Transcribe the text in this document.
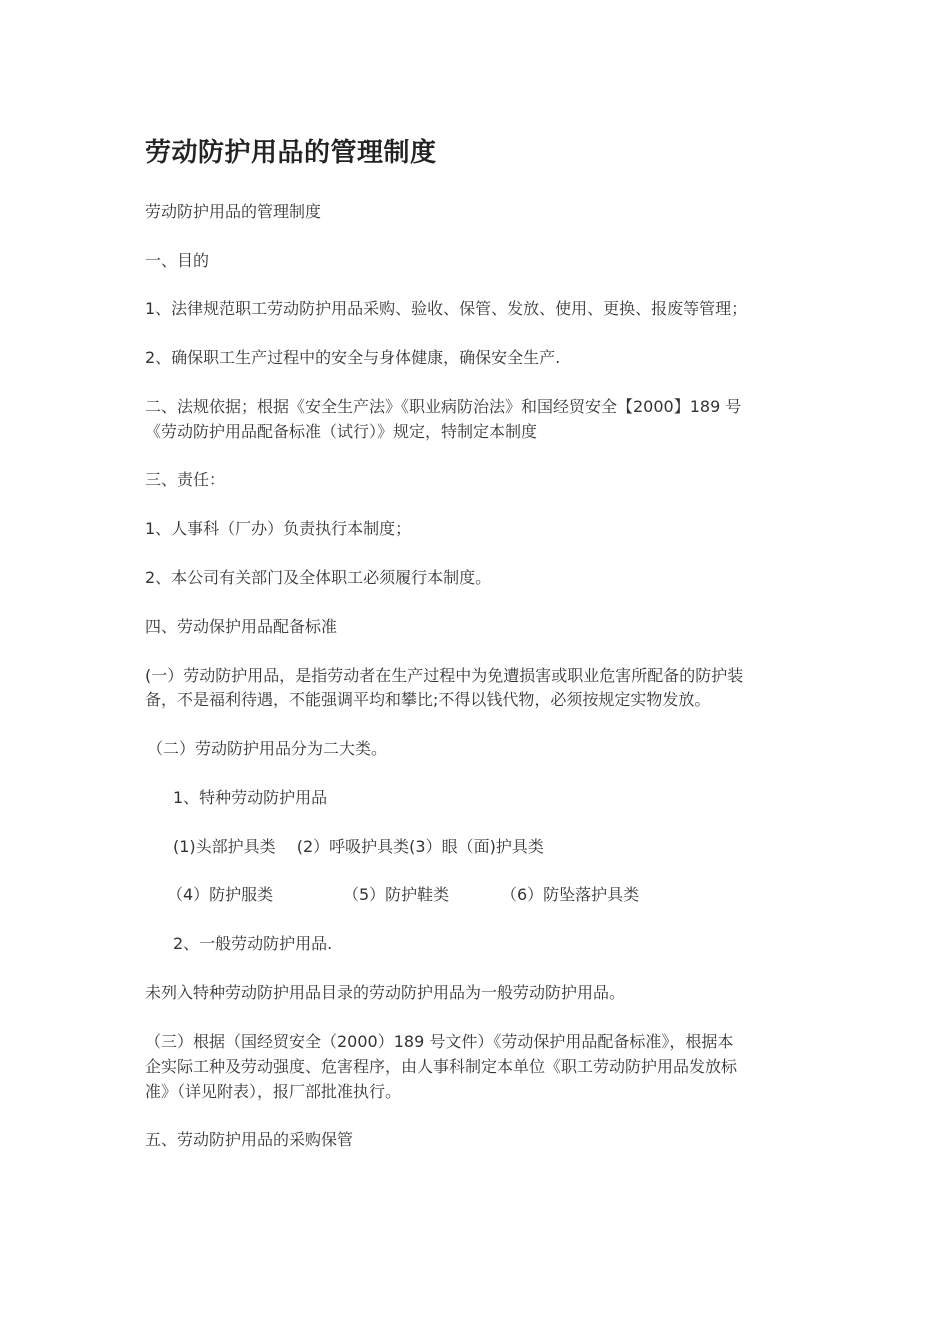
劳动防护用品的管理制度

劳动防护用品的管理制度

一、目的

1、法律规范职工劳动防护用品采购、验收、保管、发放、使用、更换、报废等管理；

2、确保职工生产过程中的安全与身体健康，确保安全生产.

二、法规依据；根据《安全生产法》《职业病防治法》和国经贸安全【2000】189 号

《劳动防护用品配备标准（试行）》规定，特制定本制度

三、责任：

1、人事科（厂办）负责执行本制度；

2、本公司有关部门及全体职工必须履行本制度。

四、劳动保护用品配备标准

(一）劳动防护用品，是指劳动者在生产过程中为免遭损害或职业危害所配备的防护装

备，不是福利待遇，不能强调平均和攀比;不得以钱代物，必须按规定实物发放。

（二）劳动防护用品分为二大类。

1、特种劳动防护用品

(1)头部护具类　 (2）呼吸护具类(3）眼（面)护具类

（4）防护服类	（5）防护鞋类	（6）防坠落护具类

2、一般劳动防护用品.

未列入特种劳动防护用品目录的劳动防护用品为一般劳动防护用品。

（三）根据（国经贸安全（2000）189 号文件）《劳动保护用品配备标准》，根据本

企实际工种及劳动强度、危害程序，由人事科制定本单位《职工劳动防护用品发放标

准》（详见附表），报厂部批准执行。

五、劳动防护用品的采购保管
